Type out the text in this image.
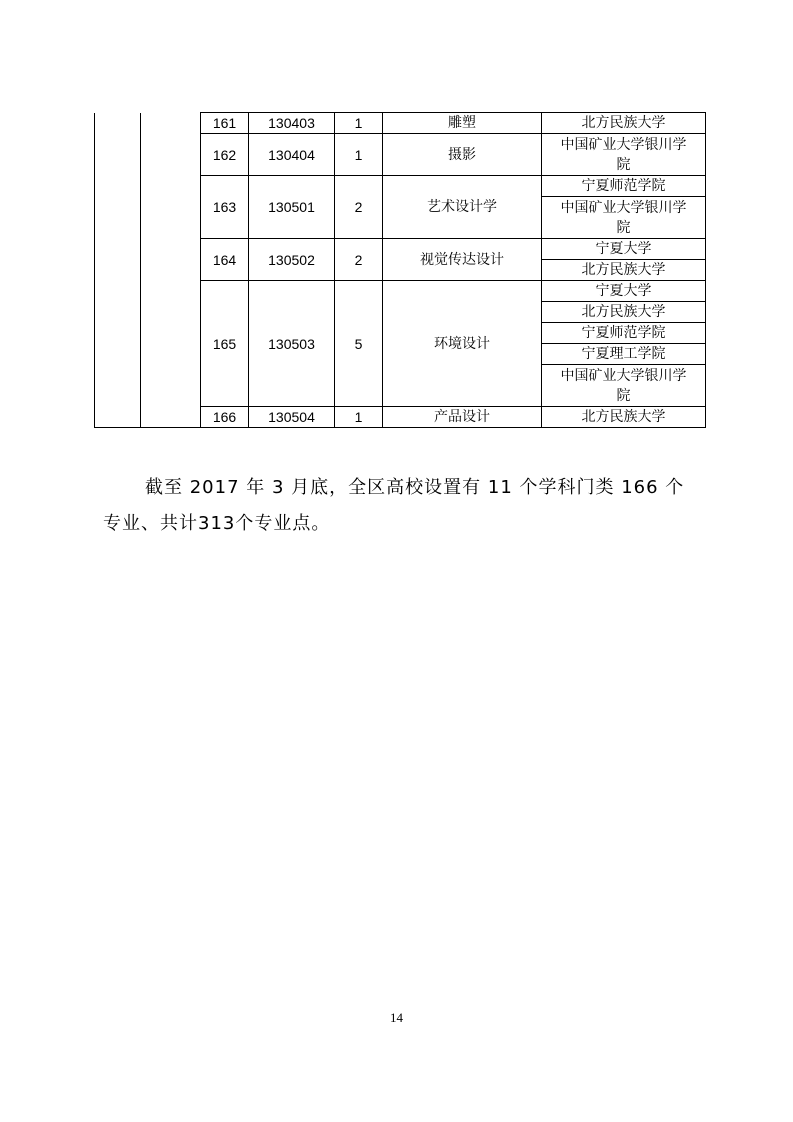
		161	130403	1	雕塑	北方民族大学
		162	130404	1	摄影	中国矿业大学银川学院
		163	130501	2	艺术设计学	宁夏师范学院
						中国矿业大学银川学院
		164	130502	2	视觉传达设计	宁夏大学
						北方民族大学
		165	130503	5	环境设计	宁夏大学
						北方民族大学
						宁夏师范学院
						宁夏理工学院
						中国矿业大学银川学院
		166	130504	1	产品设计	北方民族大学

截至 2017 年 3 月底，全区高校设置有 11 个学科门类 166 个专业、共计313个专业点。

14
